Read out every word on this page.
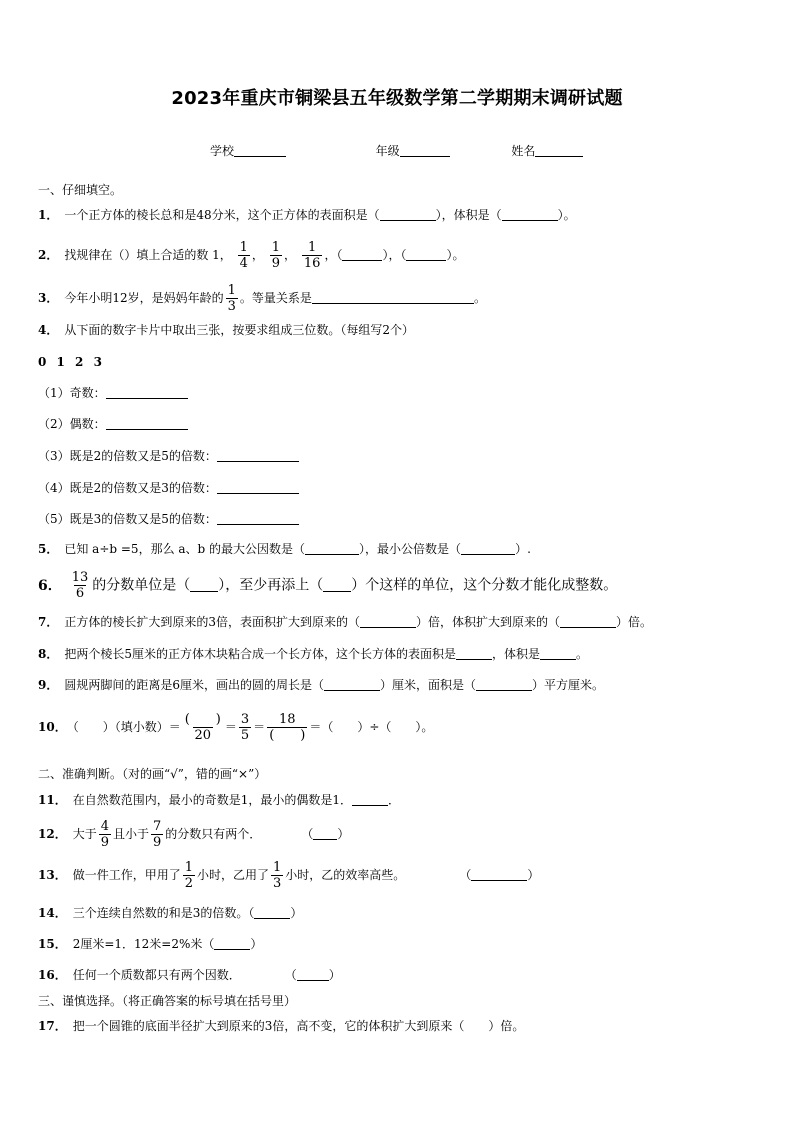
2023年重庆市铜梁县五年级数学第二学期期末调研试题
学校	年级	姓名
一、仔细填空。
1． 一个正方体的棱长总和是48分米，这个正方体的表面积是（	），体积是（	）。
2． 找规律在（）填上合适的数 1， $\frac{1}{4}$ ， $\frac{1}{9}$ ， $\frac{1}{16}$ ，（	），（	）。
3． 今年小明12岁，是妈妈年龄的 $\frac{1}{3}$ 。等量关系是	。
4． 从下面的数字卡片中取出三张，按要求组成三位数。（每组写2个）
0 1 2 3
（1）奇数：
（2）偶数：
（3）既是2的倍数又是5的倍数：
（4）既是2的倍数又是3的倍数：
（5）既是3的倍数又是5的倍数：
5． 已知 a÷b =5，那么 a、b 的最大公因数是（	），最小公倍数是（	）.
6． $\frac{13}{6}$ 的分数单位是（ ），至少再添上（ ）个这样的单位，这个分数才能化成整数。
7． 正方体的棱长扩大到原来的3倍，表面积扩大到原来的（	）倍，体积扩大到原来的（	）倍。
8． 把两个棱长5厘米的正方体木块粘合成一个长方体，这个长方体的表面积是	，体积是	。
9． 圆规两脚间的距离是6厘米，画出的圆的周长是（	）厘米，面积是（	）平方厘米。
10． （　　）（填小数）＝ $\frac{( )}{20} = \frac{3}{5} = \frac{18}{( )}$ ＝（　　）÷（　　）。
二、准确判断。（对的画“√”，错的画“×”）
11． 在自然数范围内，最小的奇数是1，最小的偶数是1．	．
12． 大于 $\frac{4}{9}$ 且小于 $\frac{7}{9}$ 的分数只有两个．	（ ）
13． 做一件工作，甲用了 $\frac{1}{2}$ 小时，乙用了 $\frac{1}{3}$ 小时，乙的效率高些。	（	）
14． 三个连续自然数的和是3的倍数。（	）
15． 2厘米=1．12米=2%米（	）
16． 任何一个质数都只有两个因数．	（	）
三、谨慎选择。（将正确答案的标号填在括号里）
17． 把一个圆锥的底面半径扩大到原来的3倍，高不变，它的体积扩大到原来（　　）倍。
